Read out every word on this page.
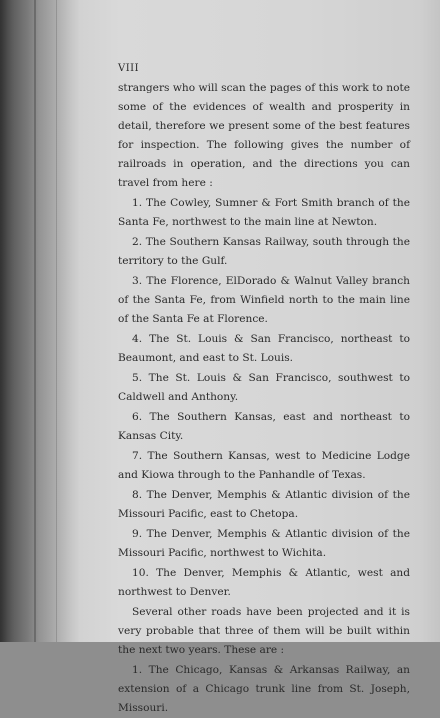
VIII

strangers who will scan the pages of this work to note some of the evidences of wealth and prosperity in detail, therefore we present some of the best features for inspection. The following gives the number of railroads in operation, and the directions you can travel from here :

1. The Cowley, Sumner & Fort Smith branch of the Santa Fe, northwest to the main line at Newton.

2. The Southern Kansas Railway, south through the territory to the Gulf.

3. The Florence, ElDorado & Walnut Valley branch of the Santa Fe, from Winfield north to the main line of the Santa Fe at Florence.

4. The St. Louis & San Francisco, northeast to Beaumont, and east to St. Louis.

5. The St. Louis & San Francisco, southwest to Caldwell and Anthony.

6. The Southern Kansas, east and northeast to Kansas City.

7. The Southern Kansas, west to Medicine Lodge and Kiowa through to the Panhandle of Texas.

8. The Denver, Memphis & Atlantic division of the Missouri Pacific, east to Chetopa.

9. The Denver, Memphis & Atlantic division of the Missouri Pacific, northwest to Wichita.

10. The Denver, Memphis & Atlantic, west and northwest to Denver.

Several other roads have been projected and it is very probable that three of them will be built within the next two years. These are :

1. The Chicago, Kansas & Arkansas Railway, an extension of a Chicago trunk line from St. Joseph, Missouri.
